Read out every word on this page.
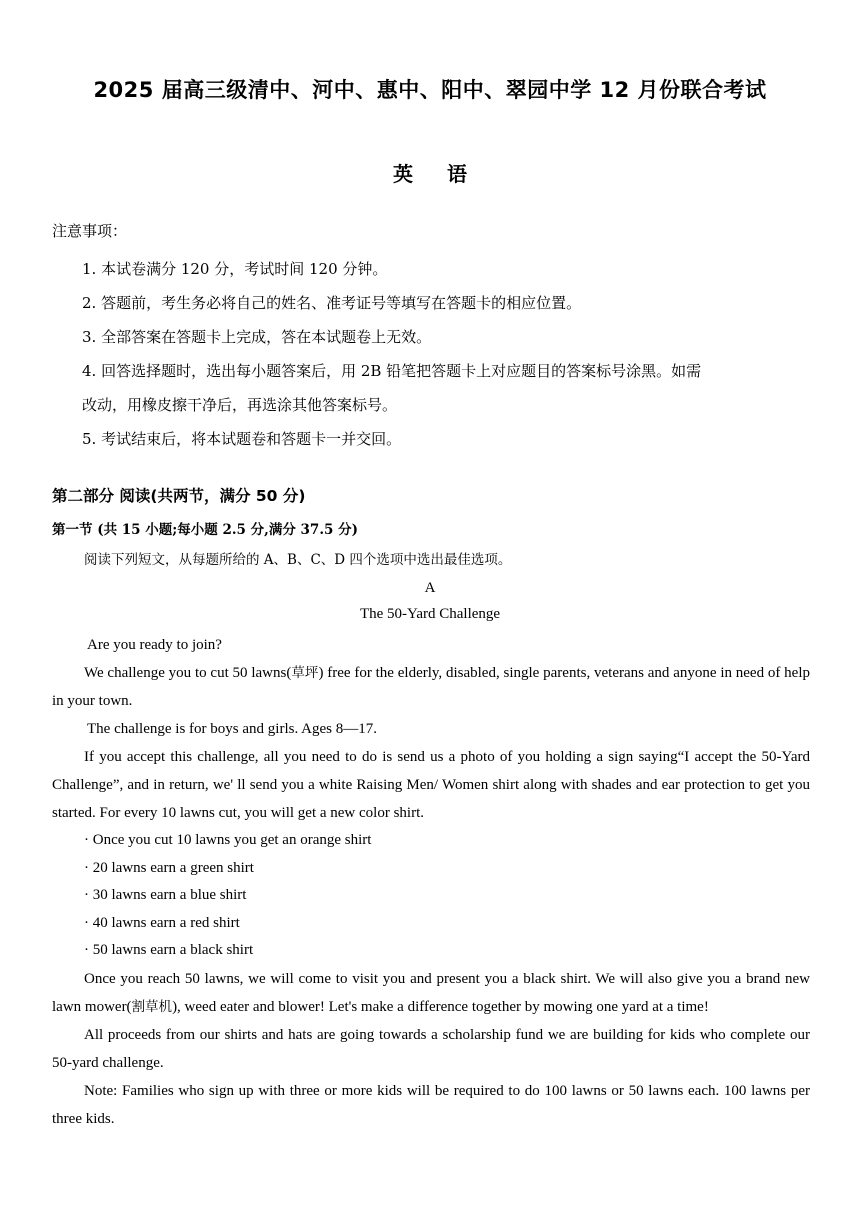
2025 届高三级清中、河中、惠中、阳中、翠园中学 12 月份联合考试
英语
注意事项：
1. 本试卷满分 120 分，考试时间 120 分钟。
2. 答题前，考生务必将自己的姓名、准考证号等填写在答题卡的相应位置。
3. 全部答案在答题卡上完成，答在本试题卷上无效。
4. 回答选择题时，选出每小题答案后，用 2B 铅笔把答题卡上对应题目的答案标号涂黑。如需
改动，用橡皮擦干净后，再选涂其他答案标号。
5. 考试结束后，将本试题卷和答题卡一并交回。
第二部分 阅读(共两节，满分 50 分)
第一节 (共 15 小题;每小题 2.5 分,满分 37.5 分)
阅读下列短文，从每题所给的 A、B、C、D 四个选项中选出最佳选项。
A
The 50-Yard Challenge

Are you ready to join?

We challenge you to cut 50 lawns(草坪) free for the elderly, disabled, single parents, veterans and anyone in need of help in your town.

The challenge is for boys and girls. Ages 8—17.

If you accept this challenge, all you need to do is send us a photo of you holding a sign saying“I accept the 50-Yard Challenge”, and in return, we' ll send you a white Raising Men/ Women shirt along with shades and ear protection to get you started. For every 10 lawns cut, you will get a new color shirt.

· Once you cut 10 lawns you get an orange shirt
· 20 lawns earn a green shirt
· 30 lawns earn a blue shirt
· 40 lawns earn a red shirt
· 50 lawns earn a black shirt

Once you reach 50 lawns, we will come to visit you and present you a black shirt. We will also give you a brand new lawn mower(割草机), weed eater and blower! Let's make a difference together by mowing one yard at a time!

All proceeds from our shirts and hats are going towards a scholarship fund we are building for kids who complete our 50-yard challenge.

Note: Families who sign up with three or more kids will be required to do 100 lawns or 50 lawns each. 100 lawns per three kids.
